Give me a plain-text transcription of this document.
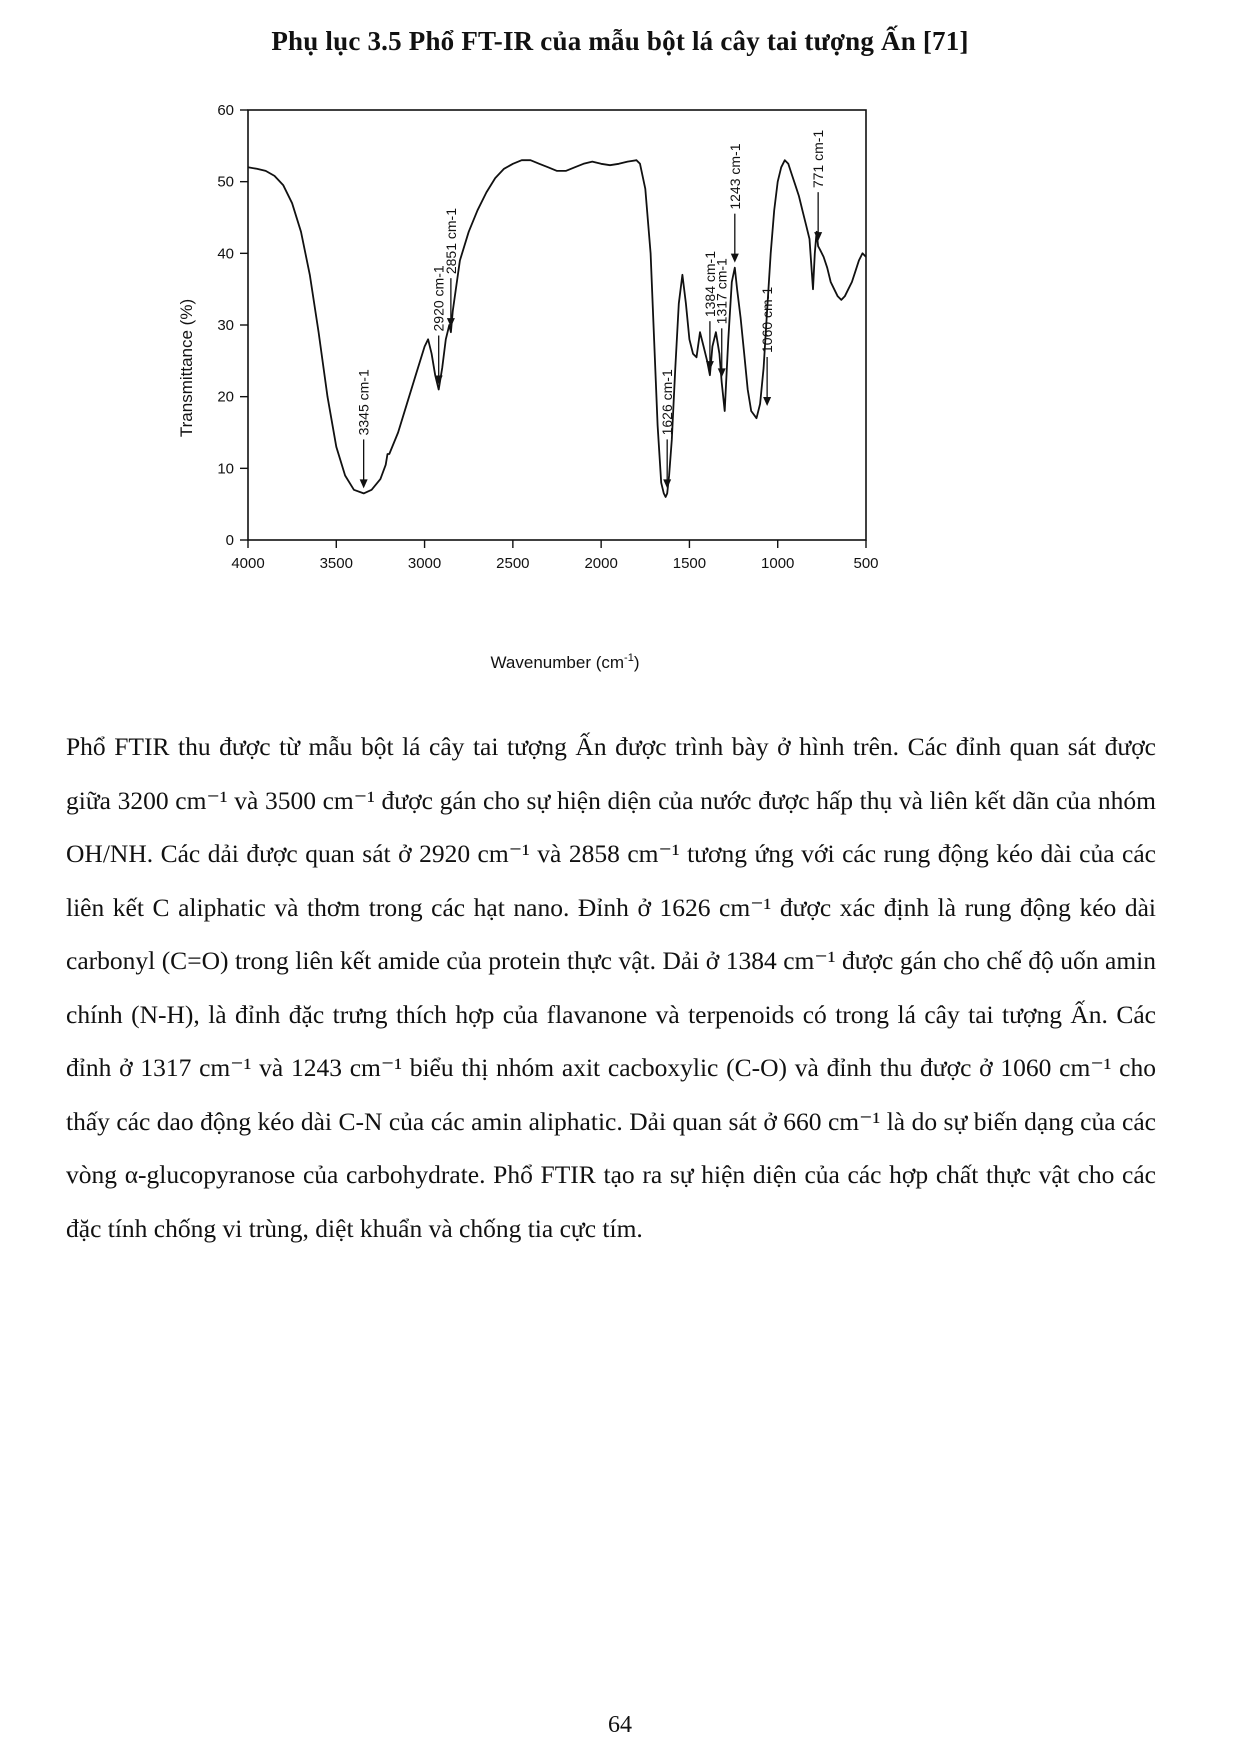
Phụ lục 3.5 Phổ FT-IR của mẫu bột lá cây tai tượng Ấn [71]
4000	3500	3000	2500	2000	1500	1000	500
0
10
20
30
40
50
60
3345 cm-1
2920 cm-1
2851 cm-1
1626 cm-1
1384 cm-1
1317 cm-1
1243 cm-1
1060 cm-1
771 cm-1
Transmittance (%)
Wavenumber $(cm^{-1})$

Phổ FTIR thu được từ mẫu bột lá cây tai tượng Ấn được trình bày ở hình trên. Các đỉnh quan sát được giữa 3200 cm⁻¹ và 3500 cm⁻¹ được gán cho sự hiện diện của nước được hấp thụ và liên kết dãn của nhóm OH/NH. Các dải được quan sát ở 2920 cm⁻¹ và 2858 cm⁻¹ tương ứng với các rung động kéo dài của các liên kết C aliphatic và thơm trong các hạt nano. Đỉnh ở 1626 cm⁻¹ được xác định là rung động kéo dài carbonyl (C=O) trong liên kết amide của protein thực vật. Dải ở 1384 cm⁻¹ được gán cho chế độ uốn amin chính (N-H), là đỉnh đặc trưng thích hợp của flavanone và terpenoids có trong lá cây tai tượng Ấn. Các đỉnh ở 1317 cm⁻¹ và 1243 cm⁻¹ biểu thị nhóm axit cacboxylic (C-O) và đỉnh thu được ở 1060 cm⁻¹ cho thấy các dao động kéo dài C-N của các amin aliphatic. Dải quan sát ở 660 cm⁻¹ là do sự biến dạng của các vòng α-glucopyranose của carbohydrate. Phổ FTIR tạo ra sự hiện diện của các hợp chất thực vật cho các đặc tính chống vi trùng, diệt khuẩn và chống tia cực tím.

64
